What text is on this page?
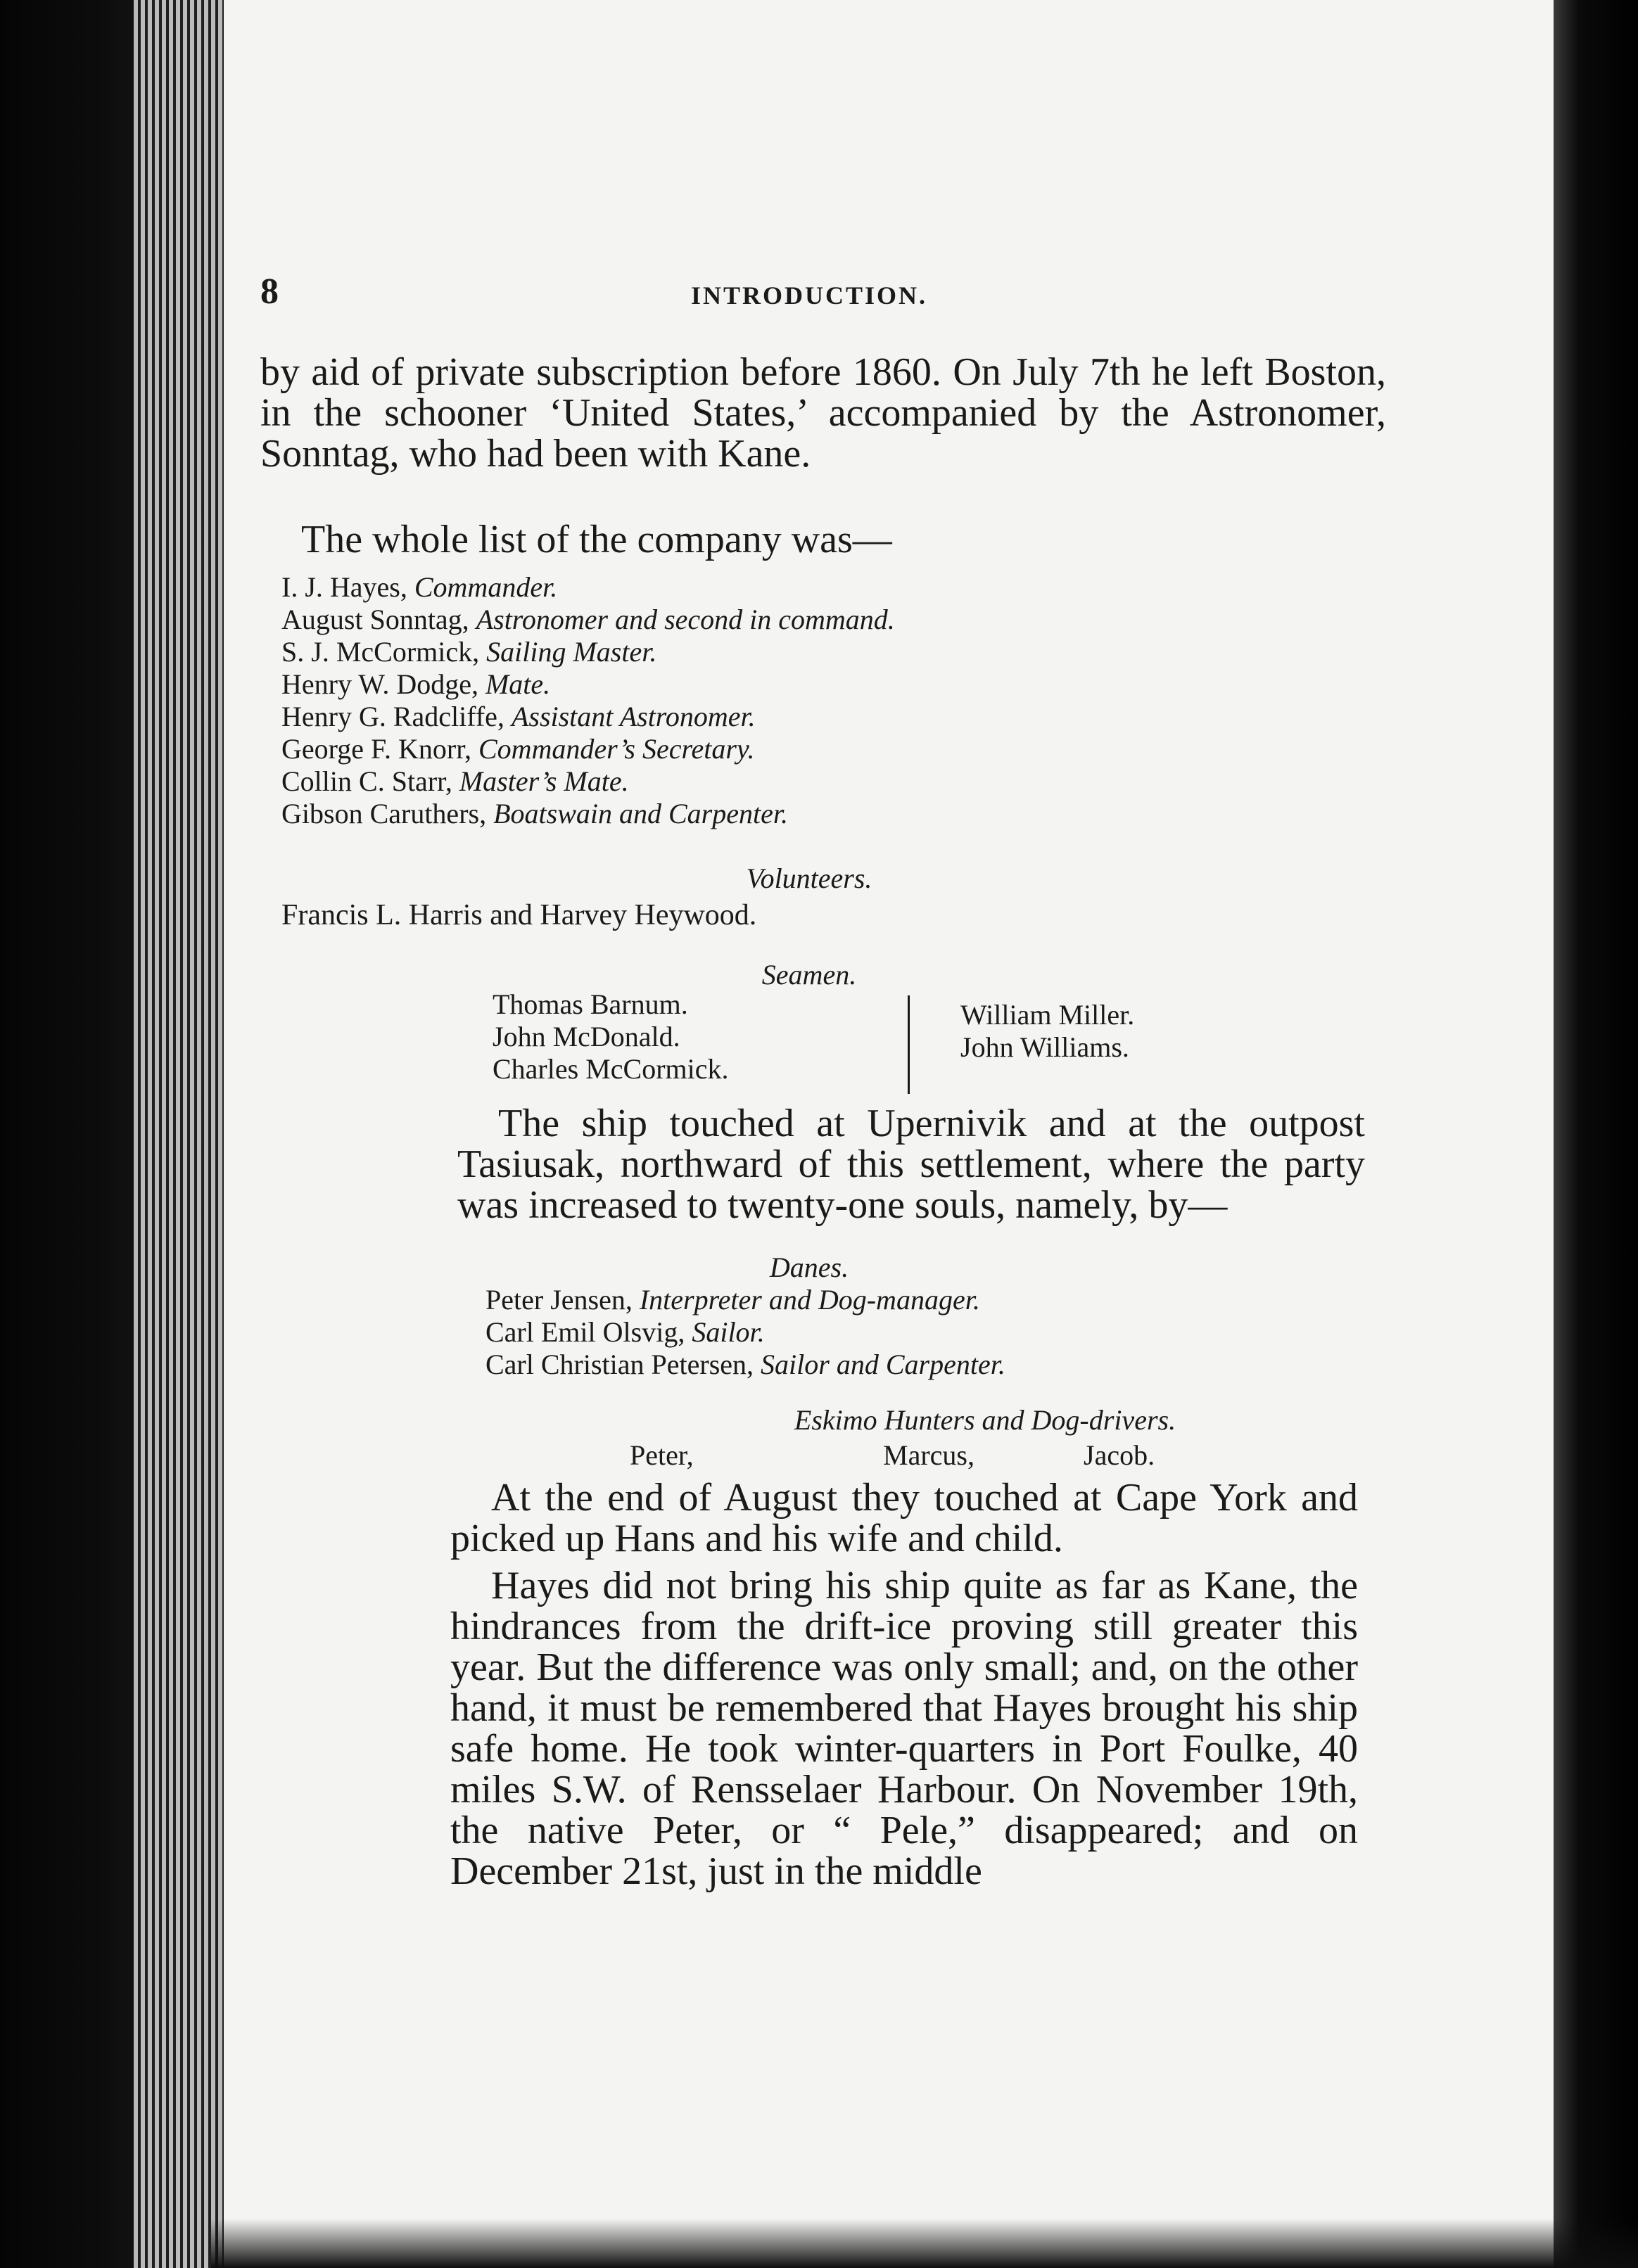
8	INTRODUCTION.

by aid of private subscription before 1860. On July 7th he left Boston, in the schooner ‘United States,’ accompanied by the Astronomer, Sonntag, who had been with Kane.

The whole list of the company was—

I. J. Hayes, Commander.
August Sonntag, Astronomer and second in command.
S. J. McCormick, Sailing Master.
Henry W. Dodge, Mate.
Henry G. Radcliffe, Assistant Astronomer.
George F. Knorr, Commander’s Secretary.
Collin C. Starr, Master’s Mate.
Gibson Caruthers, Boatswain and Carpenter.
Volunteers.
Francis L. Harris and Harvey Heywood.
Seamen.
Thomas Barnum.
John McDonald.
Charles McCormick.
William Miller.
John Williams.

The ship touched at Upernivik and at the outpost Tasiusak, northward of this settlement, where the party was increased to twenty-one souls, namely, by—

Danes.
Peter Jensen, Interpreter and Dog-manager.
Carl Emil Olsvig, Sailor.
Carl Christian Petersen, Sailor and Carpenter.
Eskimo Hunters and Dog-drivers.
Peter,	Marcus,	Jacob.

At the end of August they touched at Cape York and picked up Hans and his wife and child.

Hayes did not bring his ship quite as far as Kane, the hindrances from the drift-ice proving still greater this year. But the difference was only small; and, on the other hand, it must be remembered that Hayes brought his ship safe home. He took winter-quarters in Port Foulke, 40 miles S.W. of Rensselaer Harbour. On November 19th, the native Peter, or “ Pele,” disappeared; and on December 21st, just in the middle
